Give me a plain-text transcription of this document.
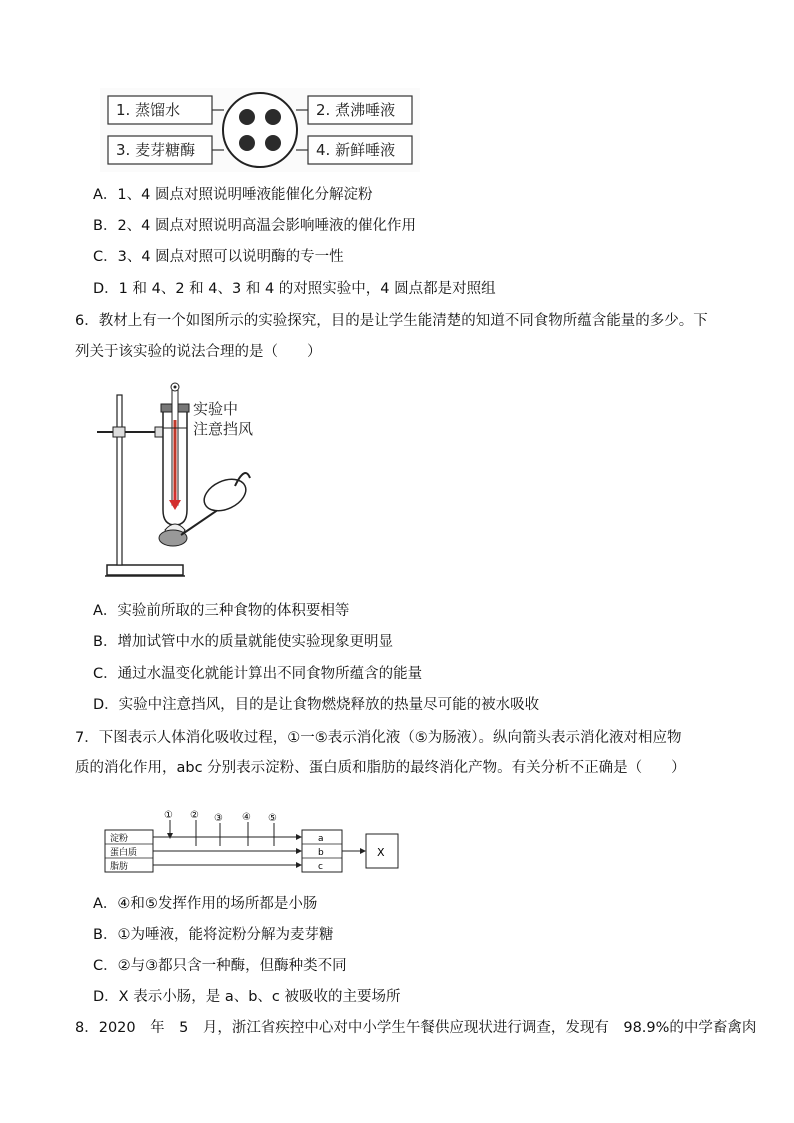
1. 蒸馏水
3. 麦芽糖酶
2. 煮沸唾液
4. 新鲜唾液
A．1、4 圆点对照说明唾液能催化分解淀粉
B．2、4 圆点对照说明高温会影响唾液的催化作用
C．3、4 圆点对照可以说明酶的专一性
D．1 和 4、2 和 4、3 和 4 的对照实验中，4 圆点都是对照组
6．教材上有一个如图所示的实验探究，目的是让学生能清楚的知道不同食物所蕴含能量的多少。下
列关于该实验的说法合理的是（　　）
实验中
注意挡风
A．实验前所取的三种食物的体积要相等
B．增加试管中水的质量就能使实验现象更明显
C．通过水温变化就能计算出不同食物所蕴含的能量
D．实验中注意挡风，目的是让食物燃烧释放的热量尽可能的被水吸收
7．下图表示人体消化吸收过程，①一⑤表示消化液（⑤为肠液）。纵向箭头表示消化液对相应物
质的消化作用，abc 分别表示淀粉、蛋白质和脂肪的最终消化产物。有关分析不正确是（　　）
淀粉
蛋白质
脂肪
a
b
c
X
① ② ③ ④ ⑤
A．④和⑤发挥作用的场所都是小肠
B．①为唾液，能将淀粉分解为麦芽糖
C．②与③都只含一种酶，但酶种类不同
D．X 表示小肠，是 a、b、c 被吸收的主要场所
8．2020　年　5　月，浙江省疾控中心对中小学生午餐供应现状进行调查，发现有　98.9%的中学畜禽肉
